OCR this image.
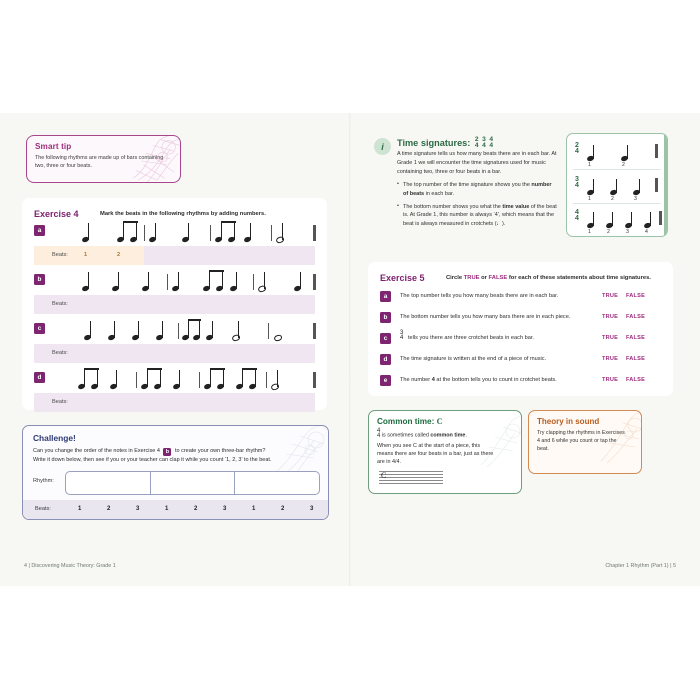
Smart tip

The following rhythms are made up of bars containing two, three or four beats.

Exercise 4	Mark the beats in the following rhythms by adding numbers.
a
Beats:	1	2
b
Beats:
c
Beats:
d
Beats:
Challenge!

Can you change the order of the notes in Exercise 4 b to create your own three-bar rhythm?

Write it down below, then see if you or your teacher can clap it while you count ‘1, 2, 3’ to the beat.

Rhythm:
Beats:	1	2	3	1	2	3	1	2	3
i	Time signatures: 2
4 3
4 4
4

A time signature tells us how many beats there are in each bar. At Grade 1 we will encounter the time signatures used for music containing two, three or four beats in a bar.

• The top number of the time signature shows you the number of beats in each bar.
• The bottom number shows you what the time value of the beat is. At Grade 1, this number is always ‘4’, which means that the beat is always measured in crotchets (♩).
2
4
1	2
3
4
1	2	3
4
4
1	2	3	4
Exercise 5	Circle TRUE or FALSE for each of these statements about time signatures.
a	The top number tells you how many beats there are in each bar.	TRUE FALSE
b	The bottom number tells you how many bars there are in each piece.	TRUE FALSE
c
3
4 tells you there are three crotchet beats in each bar.	TRUE FALSE
d	The time signature is written at the end of a piece of music.	TRUE FALSE
e	The number 4 at the bottom tells you to count in crotchet beats.	TRUE FALSE
Common time: C

4
4 is sometimes called common time.

When you see C at the start of a piece, this means there are four beats in a bar, just as there are in 4/4.

C
Theory in sound

Try clapping the rhythms in Exercises 4 and 6 while you count or tap the beat.

4 | Discovering Music Theory: Grade 1	Chapter 1 Rhythm (Part 1) | 5
